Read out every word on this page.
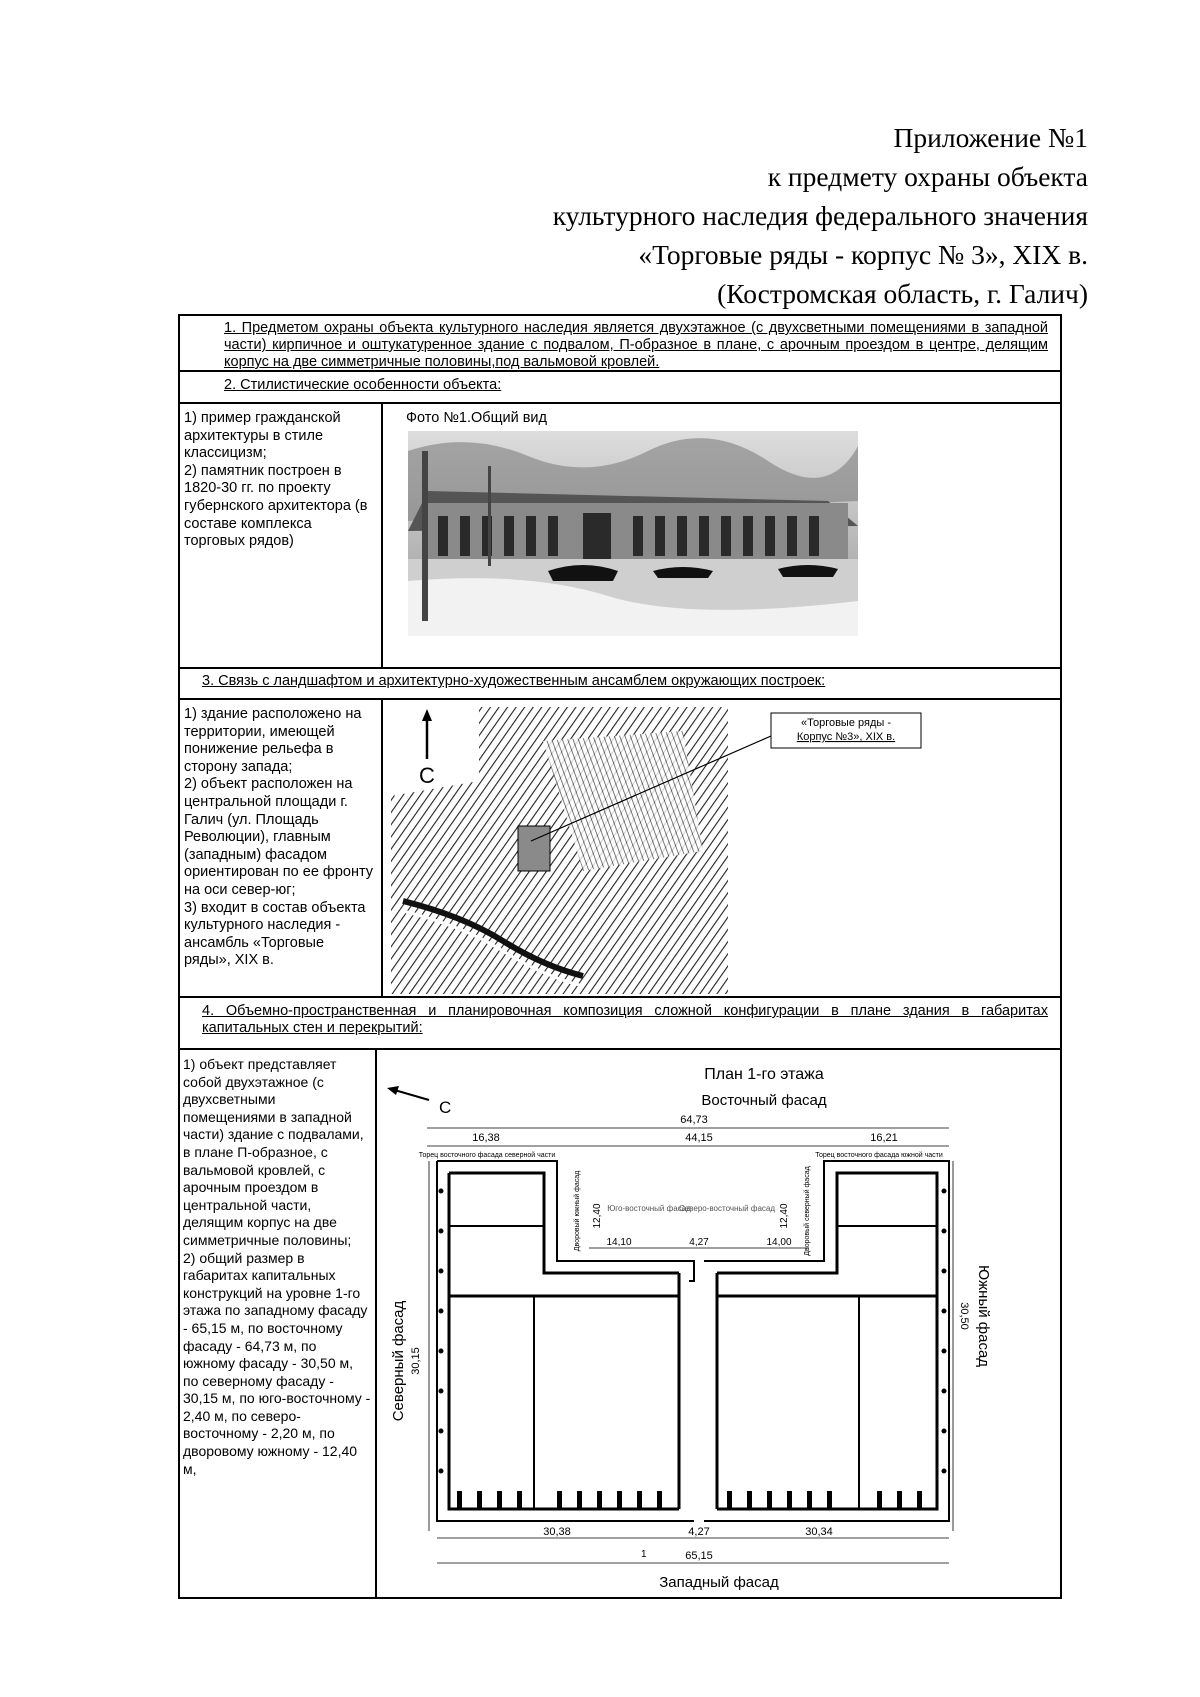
Приложение №1
к предмету охраны объекта
культурного наследия федерального значения
«Торговые ряды - корпус № 3», XIX в.
(Костромская область, г. Галич)
1. Предметом охраны объекта культурного наследия является двухэтажное (с двухсветными помещениями в западной части) кирпичное и оштукатуренное здание с подвалом, П-образное в плане, с арочным проездом в центре, делящим корпус на две симметричные половины,под вальмовой кровлей.
2. Стилистические особенности объекта:
1) пример гражданской архитектуры в стиле классицизм;
2) памятник построен в 1820-30 гг. по проекту губернского архитектора (в составе комплекса торговых рядов)
Фото №1.Общий вид
3. Связь с ландшафтом и архитектурно-художественным ансамблем окружающих построек:
1) здание расположено на территории, имеющей понижение рельефа в сторону запада;
2) объект расположен на центральной площади г. Галич (ул. Площадь Революции), главным (западным) фасадом ориентирован по ее фронту на оси север-юг;
3) входит в состав объекта культурного наследия - ансамбль «Торговые ряды», XIX в.
С
«Торговые ряды -
Корпус №3», XIX в.
4. Объемно-пространственная и планировочная композиция сложной конфигурации в плане здания в габаритах капитальных стен и перекрытий:
1) объект представляет собой двухэтажное (с двухсветными помещениями в западной части) здание с подвалами, в плане П-образное, с вальмовой кровлей, с арочным проездом в центральной части, делящим корпус на две симметричные половины;
2) общий размер в габаритах капитальных конструкций на уровне 1-го этажа по западному фасаду - 65,15 м, по восточному фасаду - 64,73 м, по южному фасаду - 30,50 м, по северному фасаду - 30,15 м, по юго-восточному - 2,40 м, по северо-восточному - 2,20 м, по дворовому южному - 12,40 м,
План 1-го этажа
Восточный фасад
С
64,73
16,38	44,15	16,21
Торец восточного фасада северной части	Торец восточного фасада южной части
Северный фасад 30,15	Южный фасад
30,50
12,40	12,40
Дворовый южный фасад	Дворовый северный фасад
Юго-восточный фасад
Северо-восточный фасад
14,10	4,27	14,00
30,38	4,27	30,34
1	65,15
Западный фасад
